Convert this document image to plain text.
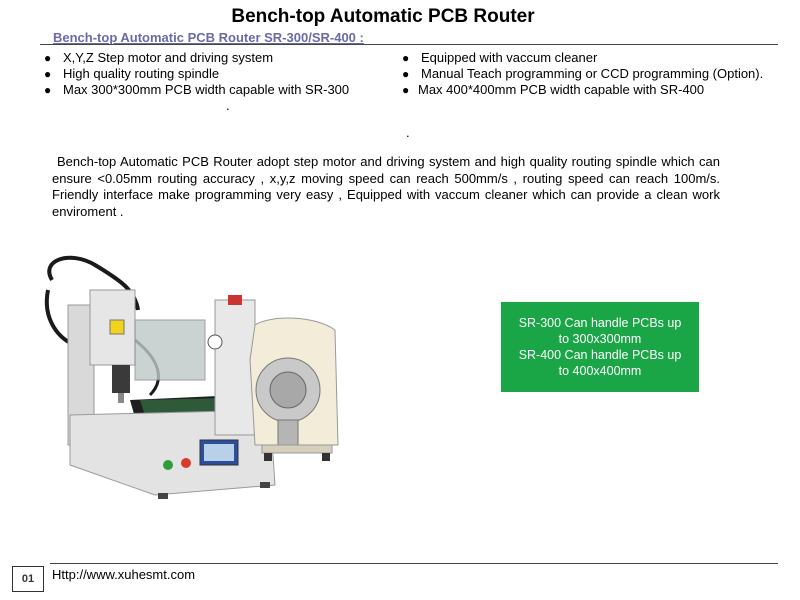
Bench-top Automatic PCB Router
Bench-top Automatic PCB Router SR-300/SR-400 :
● X,Y,Z Step motor and driving system
● High quality routing spindle
● Max 300*300mm PCB width capable with SR-300
● Equipped with vaccum cleaner
● Manual Teach programming or CCD programming (Option).
● Max 400*400mm PCB width capable with SR-400
.
.
Bench-top Automatic PCB Router adopt step motor and driving system and high quality routing spindle which can ensure <0.05mm routing accuracy , x,y,z moving speed can reach 500mm/s , routing speed can reach 100m/s. Friendly interface make programming very easy , Equipped with vaccum cleaner which can provide a clean work enviroment .
SR-300 Can handle PCBs up
to 300x300mm
SR-400 Can handle PCBs up
to 400x400mm
01	Http://www.xuhesmt.com
